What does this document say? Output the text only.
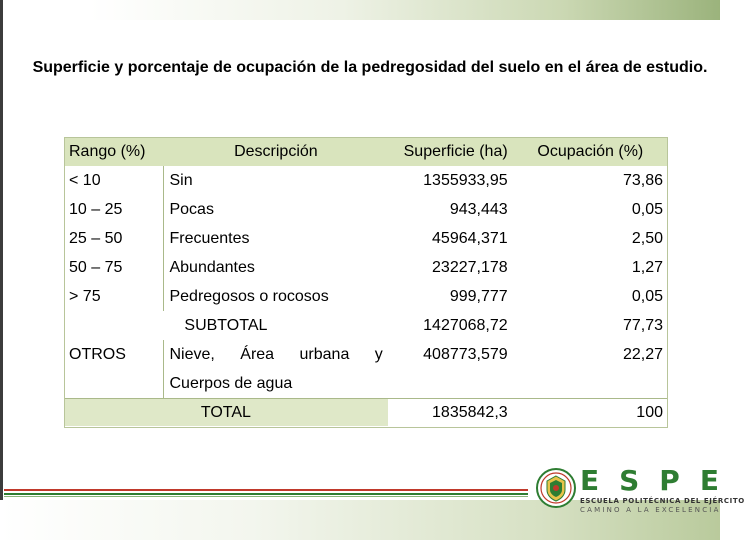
Superficie y porcentaje de ocupación de la pedregosidad del suelo en el área de estudio.
Rango (%)	Descripción	Superficie (ha)	Ocupación (%)
< 10	Sin	1355933,95	73,86
10 – 25	Pocas	943,443	0,05
25 – 50	Frecuentes	45964,371	2,50
50 – 75	Abundantes	23227,178	1,27
> 75	Pedregosos o rocosos	999,777	0,05
SUBTOTAL		1427068,72	77,73
OTROS	Nieve, Área urbana y Cuerpos de agua	408773,579	22,27
TOTAL		1835842,3	100
ESPE
ESCUELA POLITÉCNICA DEL EJÉRCITO
CAMINO A LA EXCELENCIA
